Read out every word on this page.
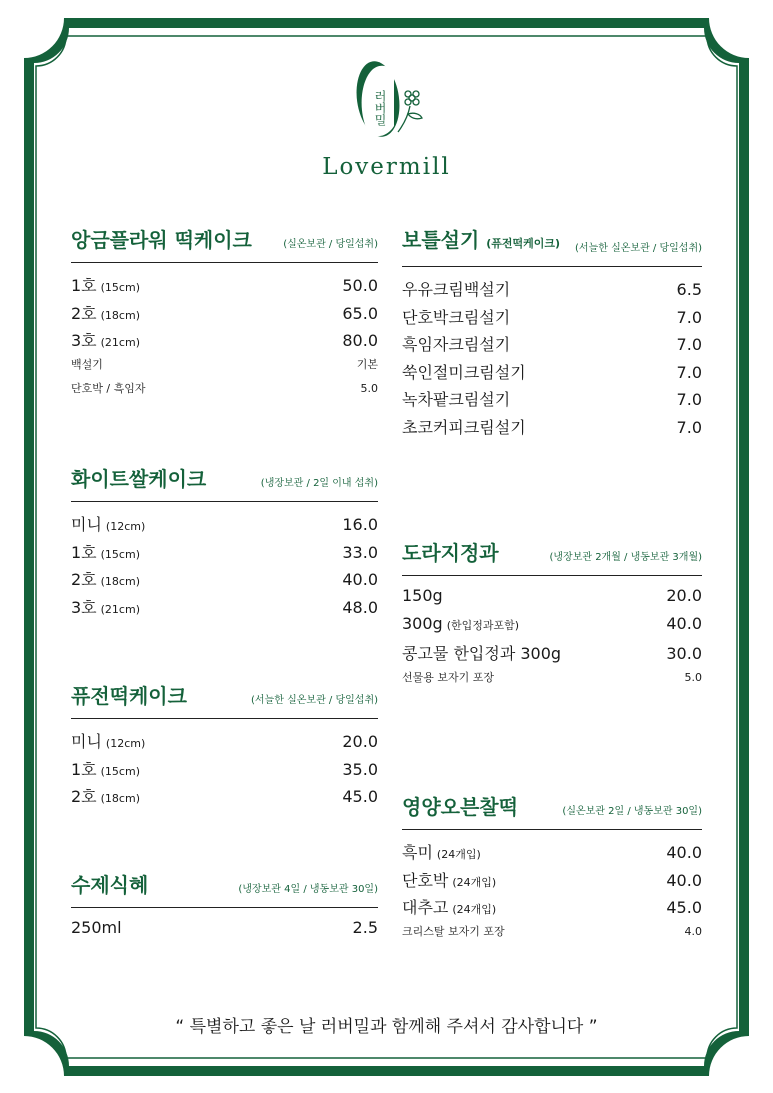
러버밀
Lovermill
앙금플라워 떡케이크	(실온보관 / 당일섭취)
1호 (15cm)	50.0
2호 (18cm)	65.0
3호 (21cm)	80.0
백설기	기본
단호박 / 흑임자	5.0
화이트쌀케이크	(냉장보관 / 2일 이내 섭취)
미니 (12cm)	16.0
1호 (15cm)	33.0
2호 (18cm)	40.0
3호 (21cm)	48.0
퓨전떡케이크	(서늘한 실온보관 / 당일섭취)
미니 (12cm)	20.0
1호 (15cm)	35.0
2호 (18cm)	45.0
수제식혜	(냉장보관 4일 / 냉동보관 30일)
250ml	2.5
보틀설기 (퓨전떡케이크) (서늘한 실온보관 / 당일섭취)
우유크림백설기	6.5
단호박크림설기	7.0
흑임자크림설기	7.0
쑥인절미크림설기	7.0
녹차팥크림설기	7.0
초코커피크림설기	7.0
도라지정과	(냉장보관 2개월 / 냉동보관 3개월)
150g	20.0
300g (한입정과포함)	40.0
콩고물 한입정과 300g	30.0
선물용 보자기 포장	5.0
영양오븐찰떡	(실온보관 2일 / 냉동보관 30일)
흑미 (24개입)	40.0
단호박 (24개입)	40.0
대추고 (24개입)	45.0
크리스탈 보자기 포장	4.0
“ 특별하고 좋은 날 러버밀과 함께해 주셔서 감사합니다 ”
